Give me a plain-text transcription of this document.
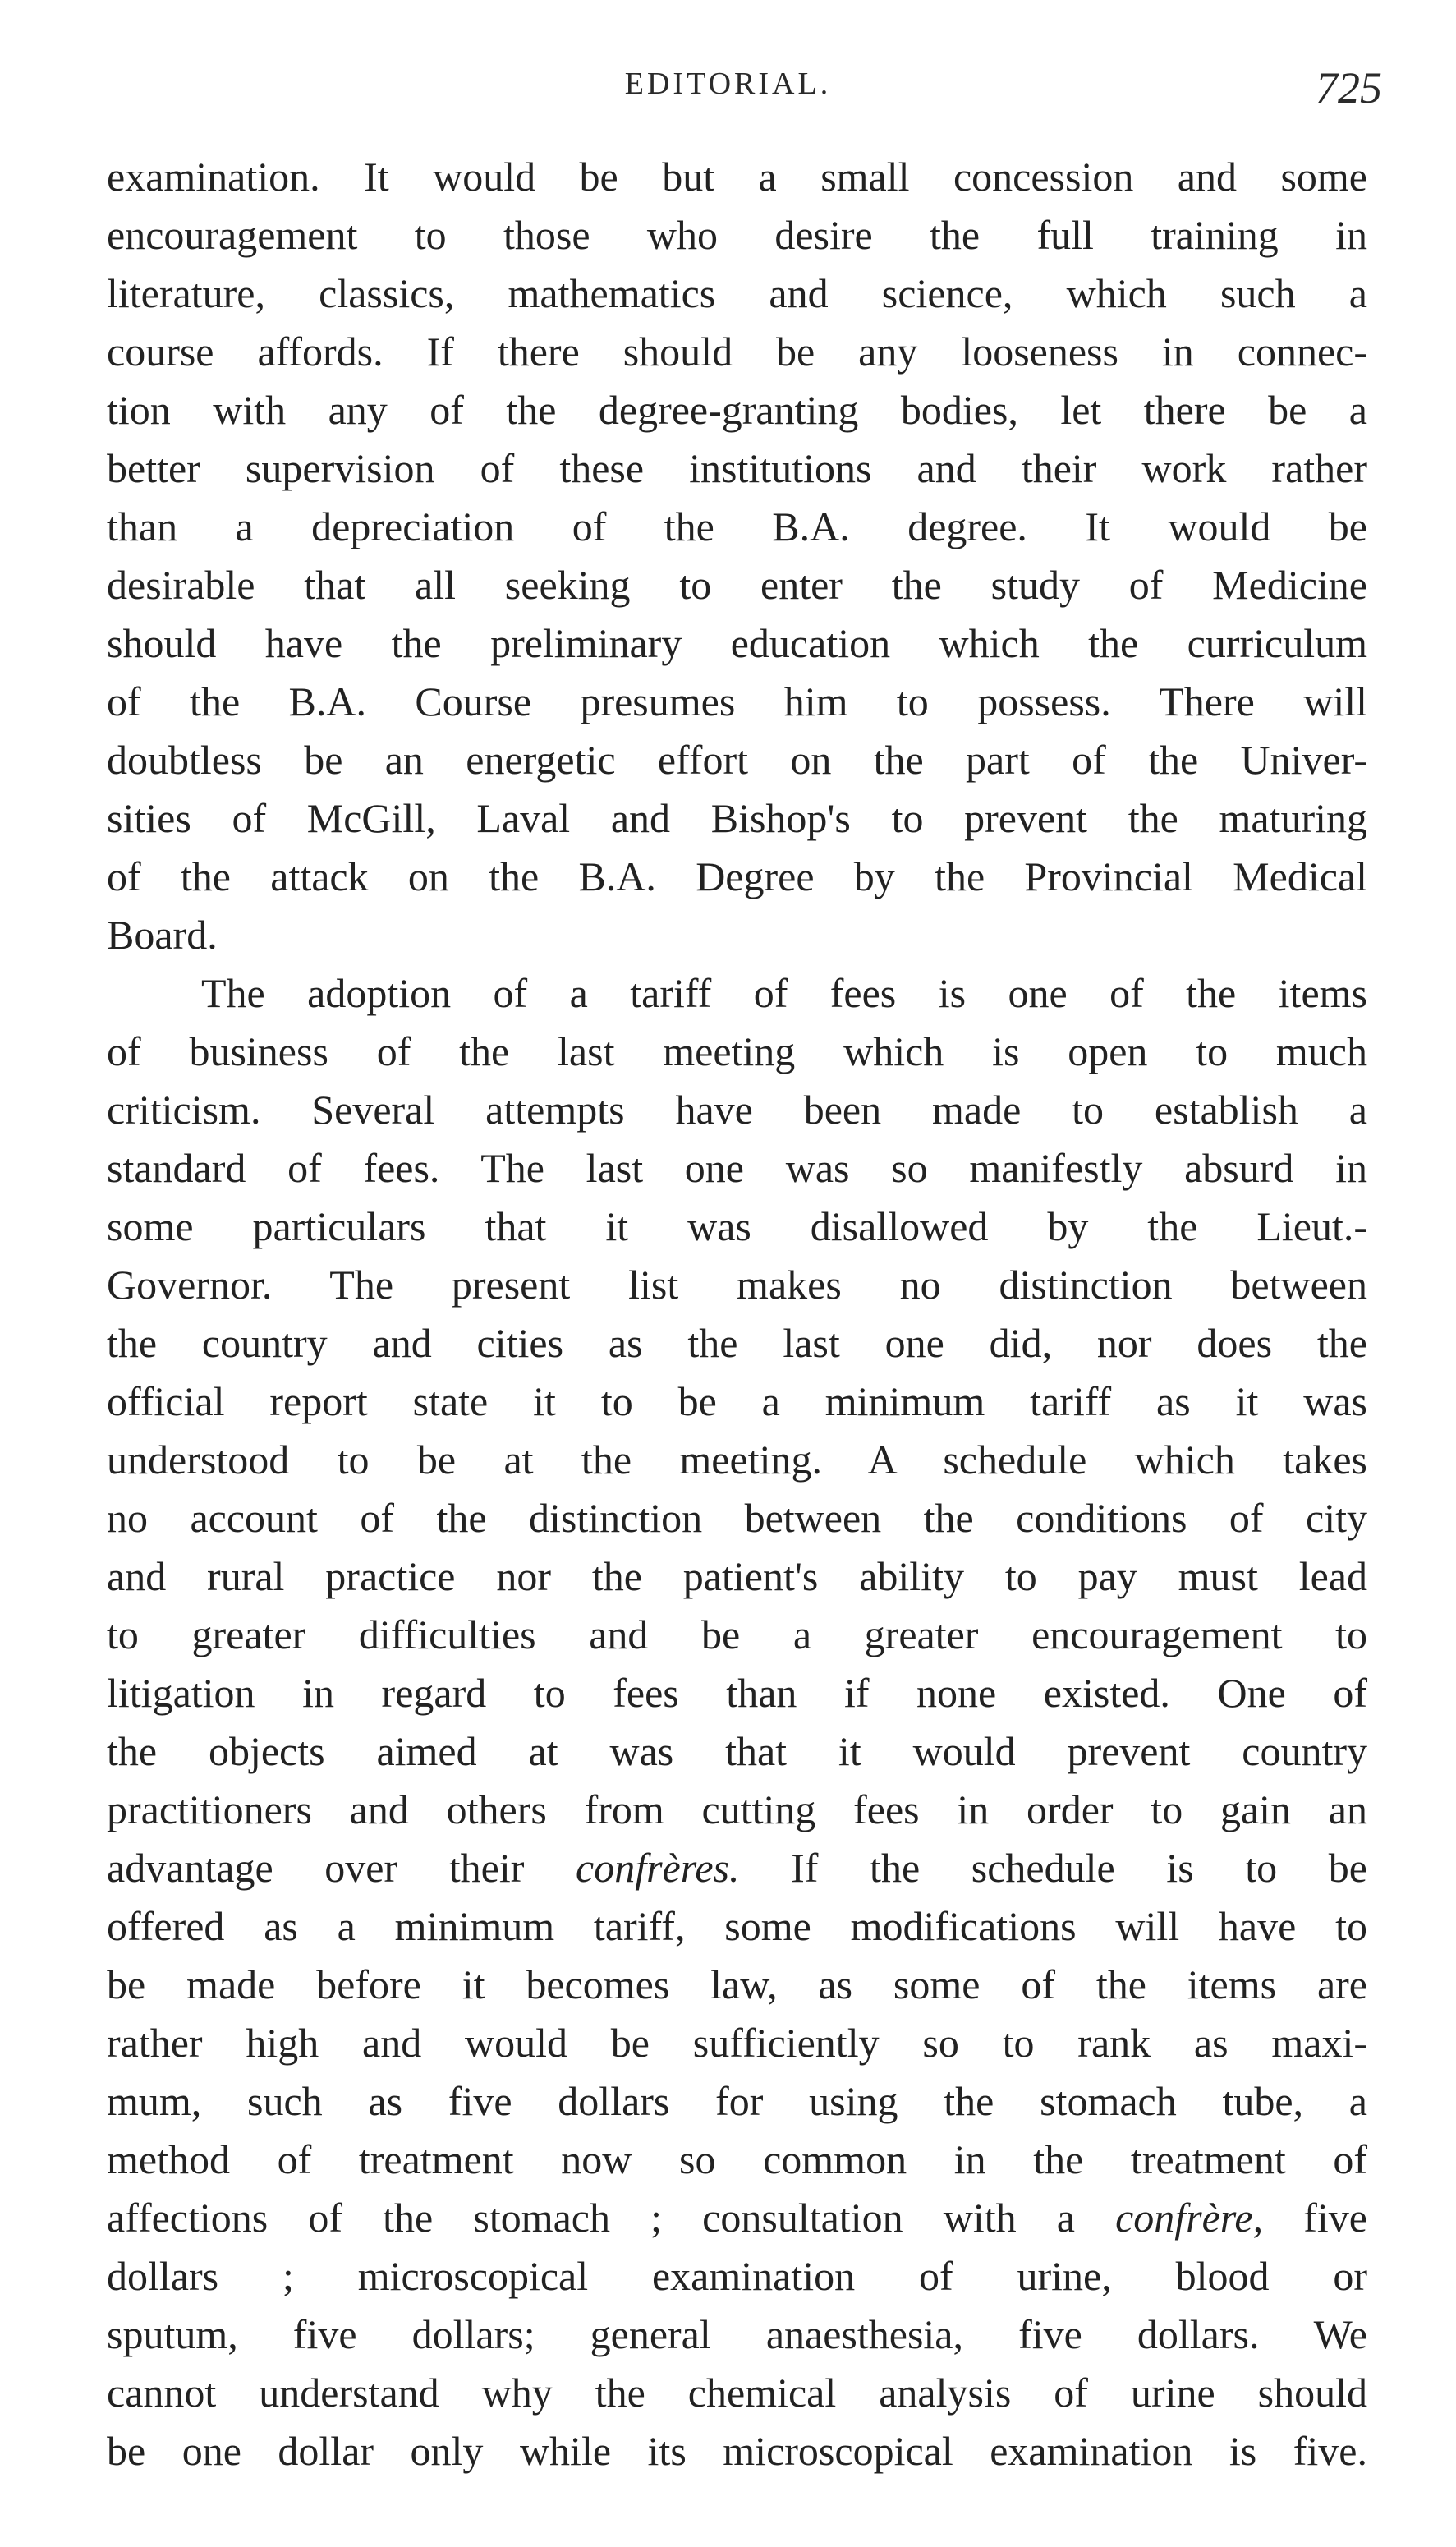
EDITORIAL.	725
examination. It would be but a small concession and some
encouragement to those who desire the full training in
literature, classics, mathematics and science, which such a
course affords. If there should be any looseness in connec-
tion with any of the degree-granting bodies, let there be a
better supervision of these institutions and their work rather
than a depreciation of the B.A. degree. It would be
desirable that all seeking to enter the study of Medicine
should have the preliminary education which the curriculum
of the B.A. Course presumes him to possess. There will
doubtless be an energetic effort on the part of the Univer-
sities of McGill, Laval and Bishop's to prevent the maturing
of the attack on the B.A. Degree by the Provincial Medical
Board.
The adoption of a tariff of fees is one of the items
of business of the last meeting which is open to much
criticism. Several attempts have been made to establish a
standard of fees. The last one was so manifestly absurd in
some particulars that it was disallowed by the Lieut.-
Governor. The present list makes no distinction between
the country and cities as the last one did, nor does the
official report state it to be a minimum tariff as it was
understood to be at the meeting. A schedule which takes
no account of the distinction between the conditions of city
and rural practice nor the patient's ability to pay must lead
to greater difficulties and be a greater encouragement to
litigation in regard to fees than if none existed. One of
the objects aimed at was that it would prevent country
practitioners and others from cutting fees in order to gain an
advantage over their confrères. If the schedule is to be
offered as a minimum tariff, some modifications will have to
be made before it becomes law, as some of the items are
rather high and would be sufficiently so to rank as maxi-
mum, such as five dollars for using the stomach tube, a
method of treatment now so common in the treatment of
affections of the stomach ; consultation with a confrère, five
dollars ; microscopical examination of urine, blood or
sputum, five dollars; general anaesthesia, five dollars. We
cannot understand why the chemical analysis of urine should
be one dollar only while its microscopical examination is five.
